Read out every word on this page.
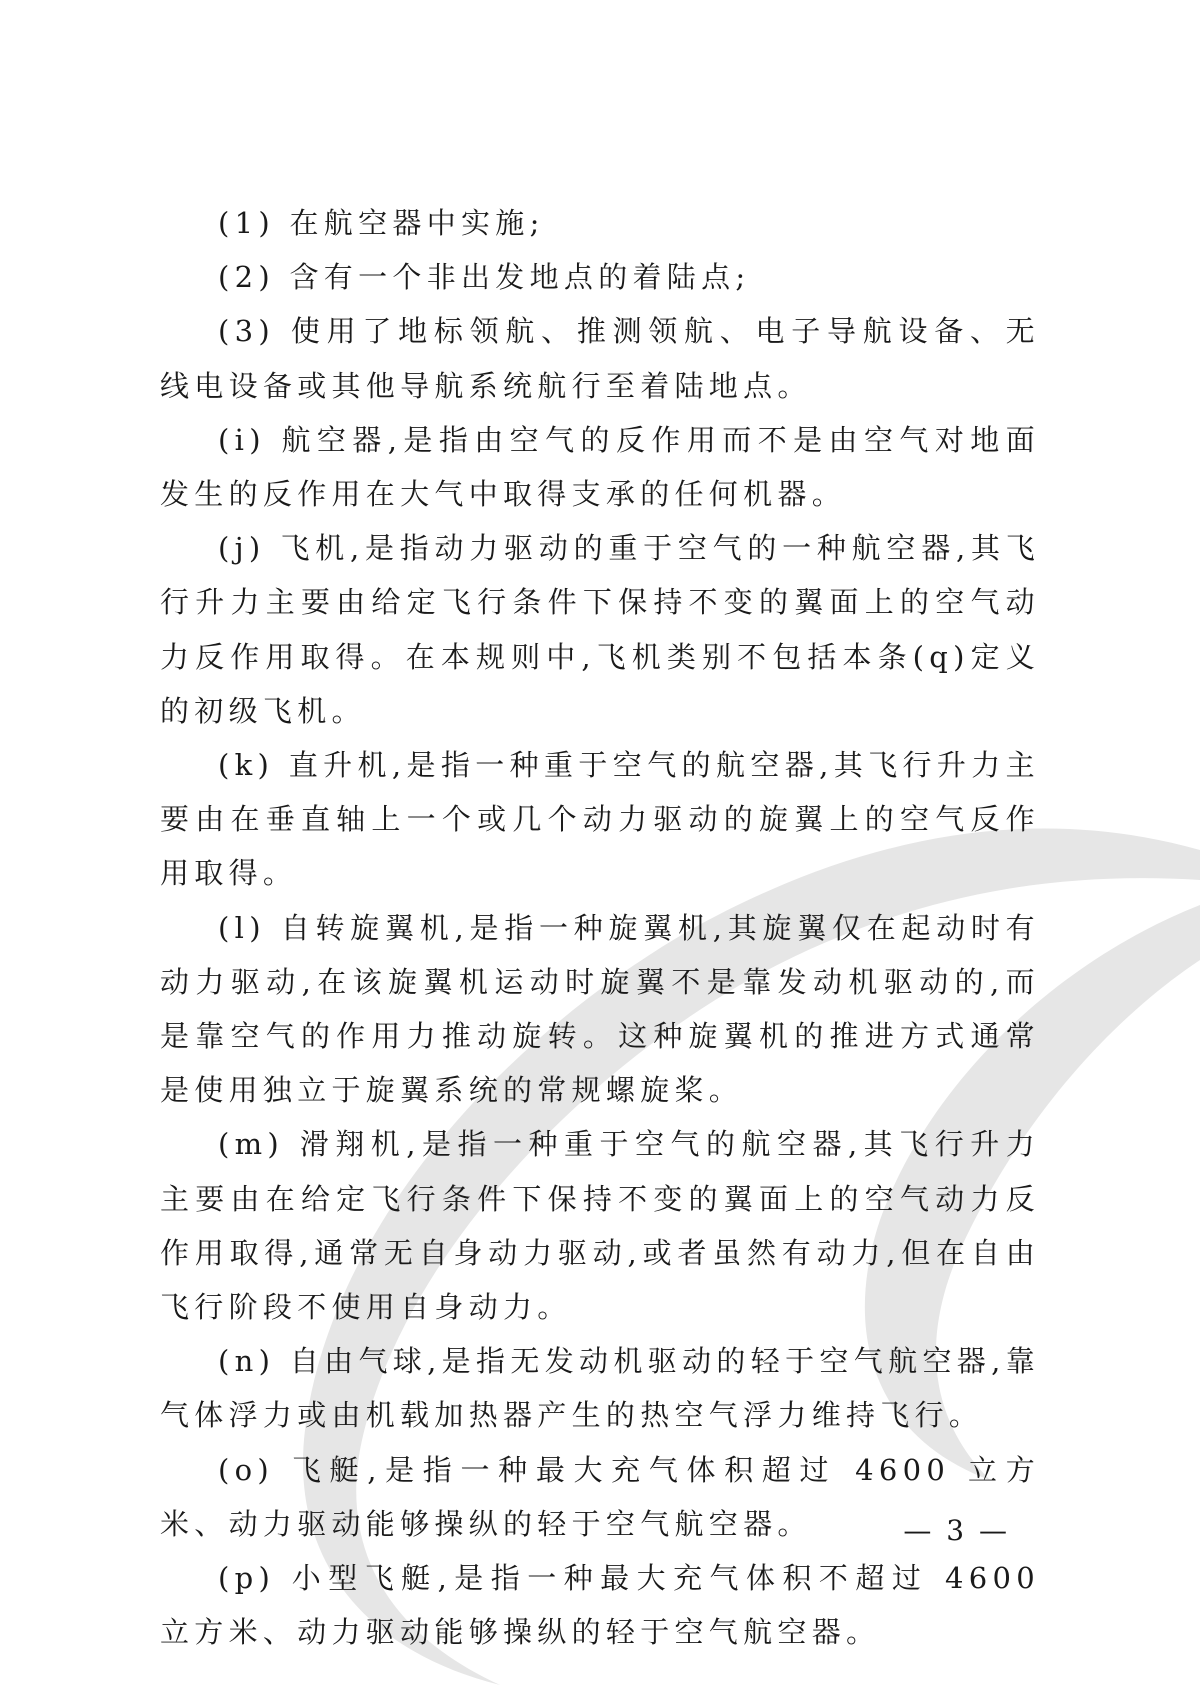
(1) 在航空器中实施;

(2) 含有一个非出发地点的着陆点;

(3) 使用了地标领航、推测领航、电子导航设备、无线电设备或其他导航系统航行至着陆地点。

(i) 航空器,是指由空气的反作用而不是由空气对地面发生的反作用在大气中取得支承的任何机器。

(j) 飞机,是指动力驱动的重于空气的一种航空器,其飞行升力主要由给定飞行条件下保持不变的翼面上的空气动力反作用取得。在本规则中,飞机类别不包括本条(q)定义的初级飞机。

(k) 直升机,是指一种重于空气的航空器,其飞行升力主要由在垂直轴上一个或几个动力驱动的旋翼上的空气反作用取得。

(l) 自转旋翼机,是指一种旋翼机,其旋翼仅在起动时有动力驱动,在该旋翼机运动时旋翼不是靠发动机驱动的,而是靠空气的作用力推动旋转。这种旋翼机的推进方式通常是使用独立于旋翼系统的常规螺旋桨。

(m) 滑翔机,是指一种重于空气的航空器,其飞行升力主要由在给定飞行条件下保持不变的翼面上的空气动力反作用取得,通常无自身动力驱动,或者虽然有动力,但在自由飞行阶段不使用自身动力。

(n) 自由气球,是指无发动机驱动的轻于空气航空器,靠气体浮力或由机载加热器产生的热空气浮力维持飞行。

(o) 飞艇,是指一种最大充气体积超过 4600 立方米、动力驱动能够操纵的轻于空气航空器。

(p) 小型飞艇,是指一种最大充气体积不超过 4600 立方米、动力驱动能够操纵的轻于空气航空器。

— 3 —
